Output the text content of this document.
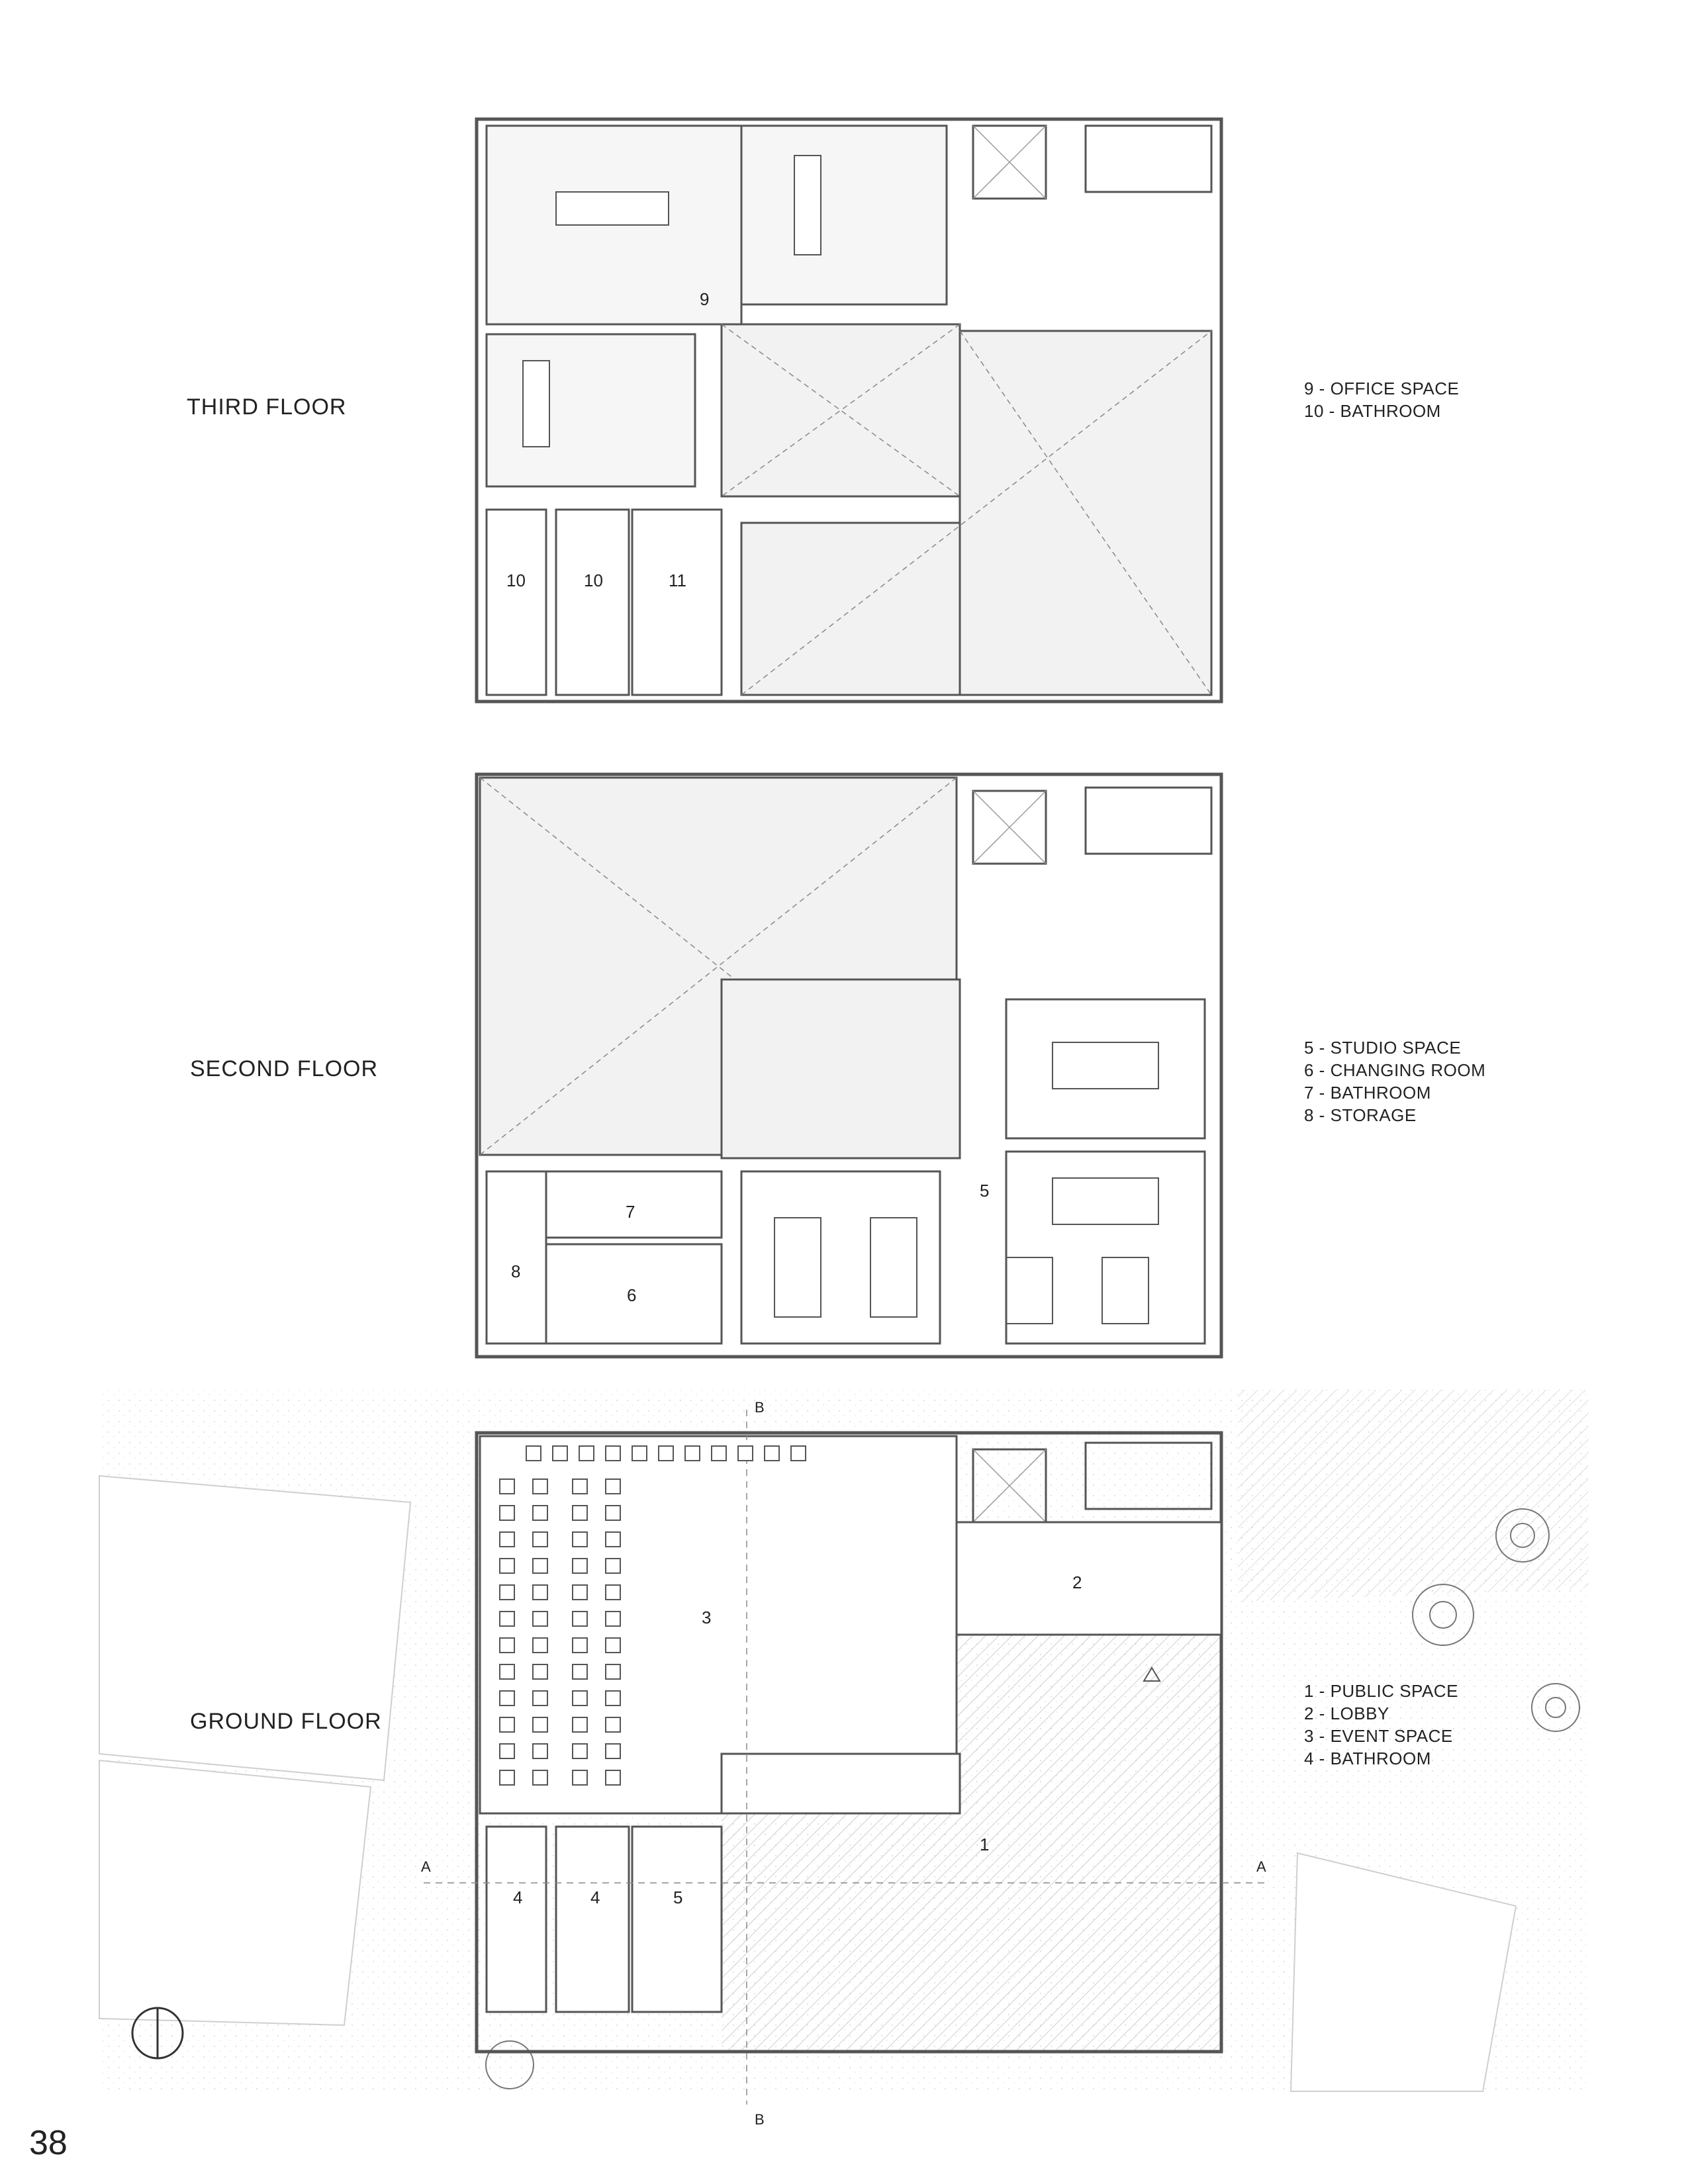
THIRD FLOOR
SECOND FLOOR
GROUND FLOOR
9 - OFFICE SPACE
10 - BATHROOM
5 - STUDIO SPACE
6 - CHANGING ROOM
7 - BATHROOM
8 - STORAGE
1 - PUBLIC SPACE
2 - LOBBY
3 - EVENT SPACE
4 - BATHROOM
9
10	10	11
7
8
6
5
3
2
1
4	4	5
A	A
B
B
38
